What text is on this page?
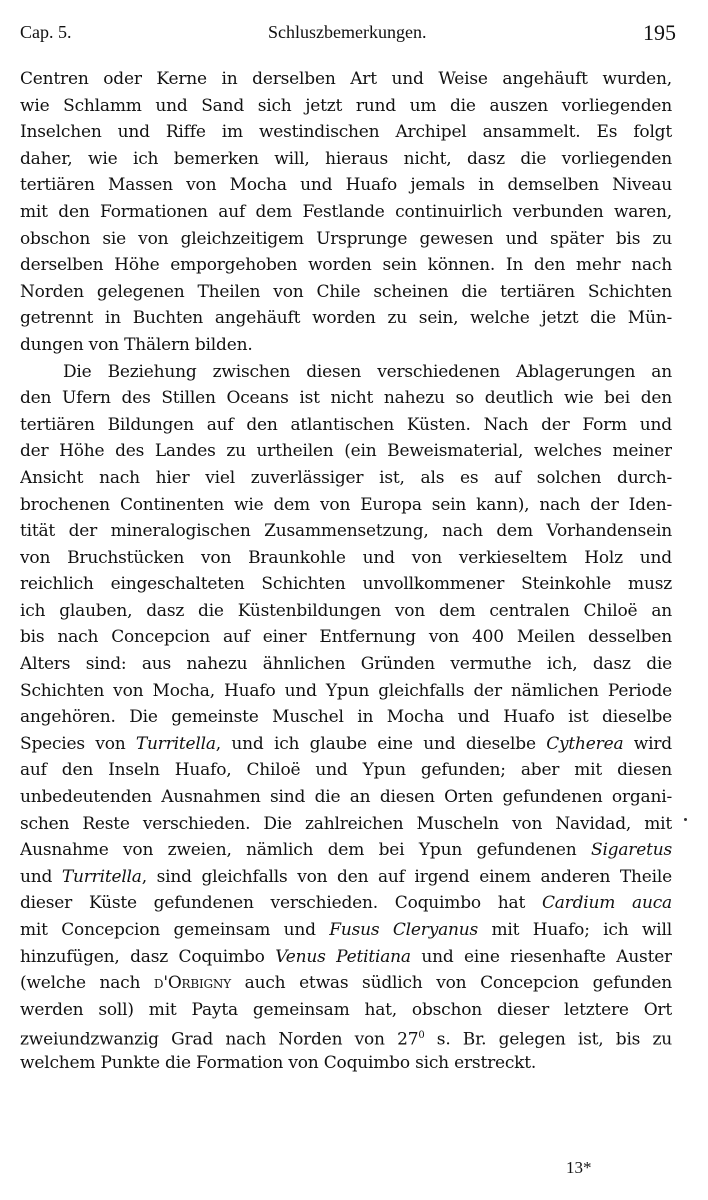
Cap. 5.	Schluszbemerkungen.	195
Centren oder Kerne in derselben Art und Weise angehäuft wurden,
wie Schlamm und Sand sich jetzt rund um die auszen vorliegenden
Inselchen und Riffe im westindischen Archipel ansammelt. Es folgt
daher, wie ich bemerken will, hieraus nicht, dasz die vorliegenden
tertiären Massen von Mocha und Huafo jemals in demselben Niveau
mit den Formationen auf dem Festlande continuirlich verbunden waren,
obschon sie von gleichzeitigem Ursprunge gewesen und später bis zu
derselben Höhe emporgehoben worden sein können. In den mehr nach
Norden gelegenen Theilen von Chile scheinen die tertiären Schichten
getrennt in Buchten angehäuft worden zu sein, welche jetzt die Mün-
dungen von Thälern bilden.
Die Beziehung zwischen diesen verschiedenen Ablagerungen an
den Ufern des Stillen Oceans ist nicht nahezu so deutlich wie bei den
tertiären Bildungen auf den atlantischen Küsten. Nach der Form und
der Höhe des Landes zu urtheilen (ein Beweismaterial, welches meiner
Ansicht nach hier viel zuverlässiger ist, als es auf solchen durch-
brochenen Continenten wie dem von Europa sein kann), nach der Iden-
tität der mineralogischen Zusammensetzung, nach dem Vorhandensein
von Bruchstücken von Braunkohle und von verkieseltem Holz und
reichlich eingeschalteten Schichten unvollkommener Steinkohle musz
ich glauben, dasz die Küstenbildungen von dem centralen Chiloë an
bis nach Concepcion auf einer Entfernung von 400 Meilen desselben
Alters sind: aus nahezu ähnlichen Gründen vermuthe ich, dasz die
Schichten von Mocha, Huafo und Ypun gleichfalls der nämlichen Periode
angehören. Die gemeinste Muschel in Mocha und Huafo ist dieselbe
Species von Turritella, und ich glaube eine und dieselbe Cytherea wird
auf den Inseln Huafo, Chiloë und Ypun gefunden; aber mit diesen
unbedeutenden Ausnahmen sind die an diesen Orten gefundenen organi-
schen Reste verschieden. Die zahlreichen Muscheln von Navidad, mit
Ausnahme von zweien, nämlich dem bei Ypun gefundenen Sigaretus
und Turritella, sind gleichfalls von den auf irgend einem anderen Theile
dieser Küste gefundenen verschieden. Coquimbo hat Cardium auca
mit Concepcion gemeinsam und Fusus Cleryanus mit Huafo; ich will
hinzufügen, dasz Coquimbo Venus Petitiana und eine riesenhafte Auster
(welche nach d'Orbigny auch etwas südlich von Concepcion gefunden
werden soll) mit Payta gemeinsam hat, obschon dieser letztere Ort
zweiundzwanzig Grad nach Norden von $27^0$ s. Br. gelegen ist, bis zu
welchem Punkte die Formation von Coquimbo sich erstreckt.
13*
